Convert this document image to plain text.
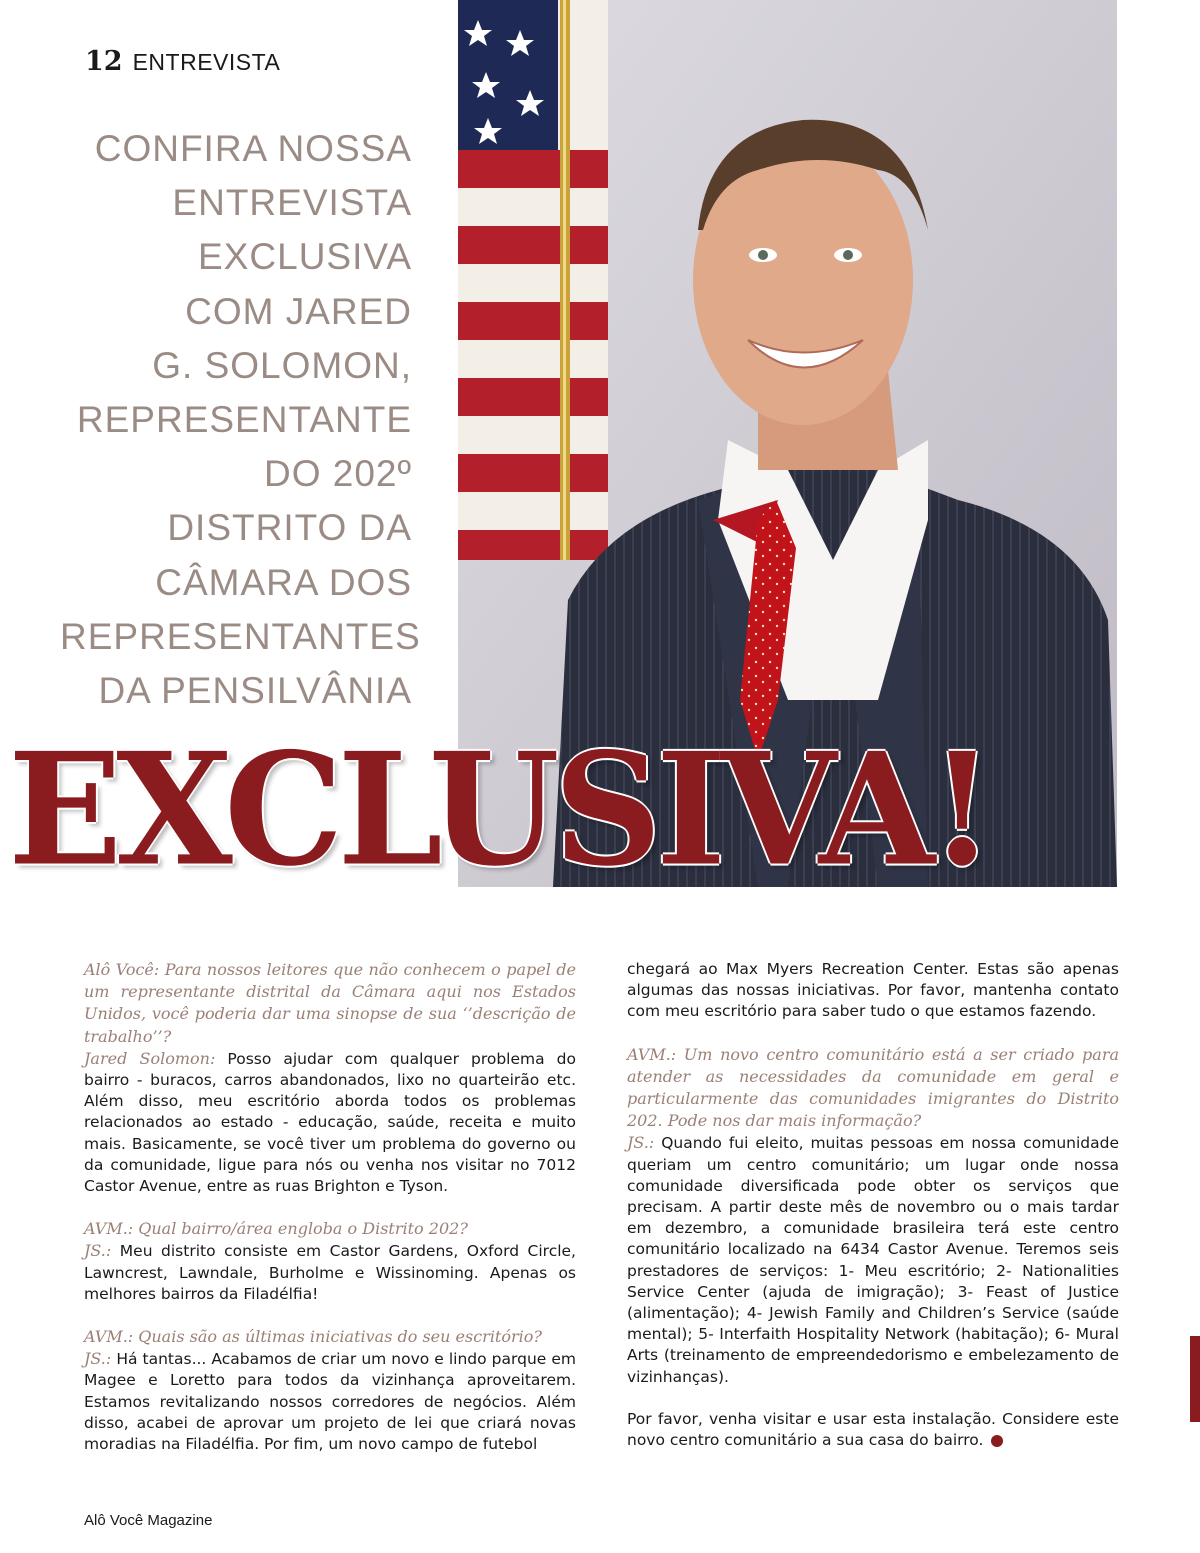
12 ENTREVISTA
CONFIRA NOSSA
ENTREVISTA
EXCLUSIVA
COM JARED
G. SOLOMON,
REPRESENTANTE
DO 202º
DISTRITO DA
CÂMARA DOS
REPRESENTANTES
DA PENSILVÂNIA
EXCLUSIVA!

Alô Você: Para nossos leitores que não conhecem o papel de um representante distrital da Câmara aqui nos Estados Unidos, você poderia dar uma sinopse de sua ‘’descrição de trabalho’’?
Jared Solomon: Posso ajudar com qualquer problema do bairro - buracos, carros abandonados, lixo no quarteirão etc. Além disso, meu escritório aborda todos os problemas relacionados ao estado - educação, saúde, receita e muito mais. Basicamente, se você tiver um problema do governo ou da comunidade, ligue para nós ou venha nos visitar no 7012 Castor Avenue, entre as ruas Brighton e Tyson.

AVM.: Qual bairro/área engloba o Distrito 202?
JS.: Meu distrito consiste em Castor Gardens, Oxford Circle, Lawncrest, Lawndale, Burholme e Wissinoming. Apenas os melhores bairros da Filadélfia!

AVM.: Quais são as últimas iniciativas do seu escritório?
JS.: Há tantas... Acabamos de criar um novo e lindo parque em Magee e Loretto para todos da vizinhança aproveitarem. Estamos revitalizando nossos corredores de negócios. Além disso, acabei de aprovar um projeto de lei que criará novas moradias na Filadélfia. Por fim, um novo campo de futebol

chegará ao Max Myers Recreation Center. Estas são apenas algumas das nossas iniciativas. Por favor, mantenha contato com meu escritório para saber tudo o que estamos fazendo.

AVM.: Um novo centro comunitário está a ser criado para atender as necessidades da comunidade em geral e particularmente das comunidades imigrantes do Distrito 202. Pode nos dar mais informação?
JS.: Quando fui eleito, muitas pessoas em nossa comunidade queriam um centro comunitário; um lugar onde nossa comunidade diversificada pode obter os serviços que precisam. A partir deste mês de novembro ou o mais tardar em dezembro, a comunidade brasileira terá este centro comunitário localizado na 6434 Castor Avenue. Teremos seis prestadores de serviços: 1- Meu escritório; 2- Nationalities Service Center (ajuda de imigração); 3- Feast of Justice (alimentação); 4- Jewish Family and Children’s Service (saúde mental); 5- Interfaith Hospitality Network (habitação); 6- Mural Arts (treinamento de empreendedorismo e embelezamento de vizinhanças).

Por favor, venha visitar e usar esta instalação. Considere este novo centro comunitário a sua casa do bairro.

Alô Você Magazine
